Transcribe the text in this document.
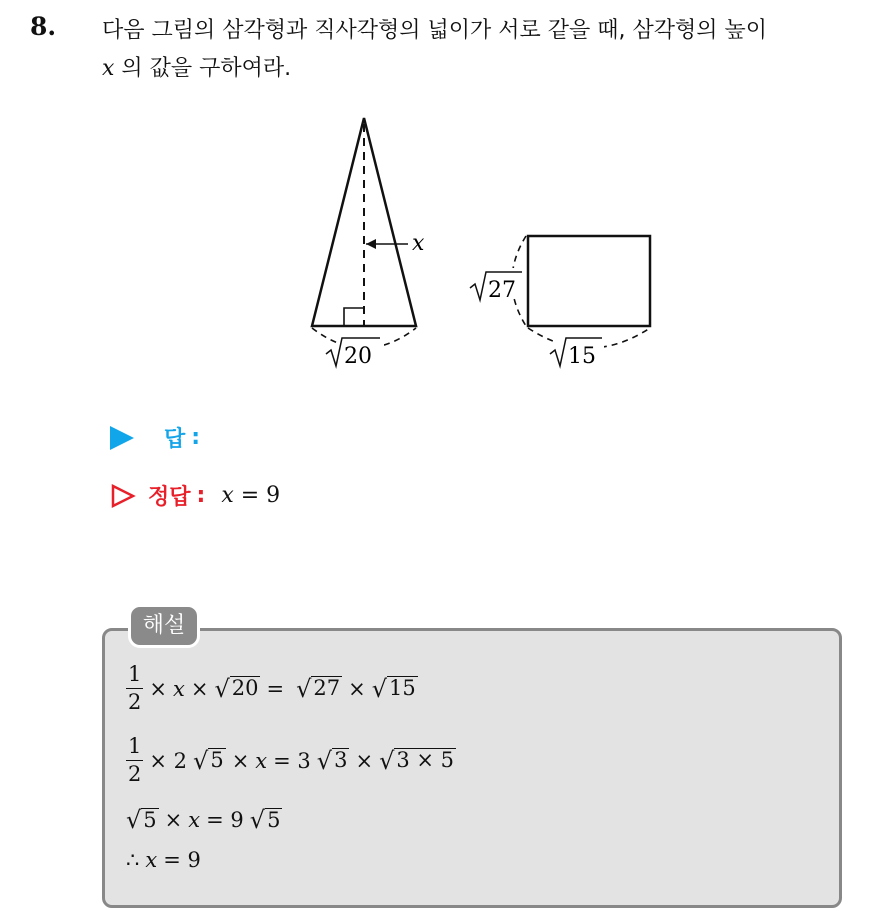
8. 다음 그림의 삼각형과 직사각형의 넓이가 서로 같을 때, 삼각형의 높이
x 의 값을 구하여라.
x
20
27
15
답 :
정답 : x = 9
해설
$\frac{1}{2} \times x$ × √ 20 = √ 27 × √ 15
$\frac{1}{2} \times 2$ √ 5 × x = 3 √ 3 × √ 3 × 5
√ 5 × x = 9 √ 5
∴ x = 9
